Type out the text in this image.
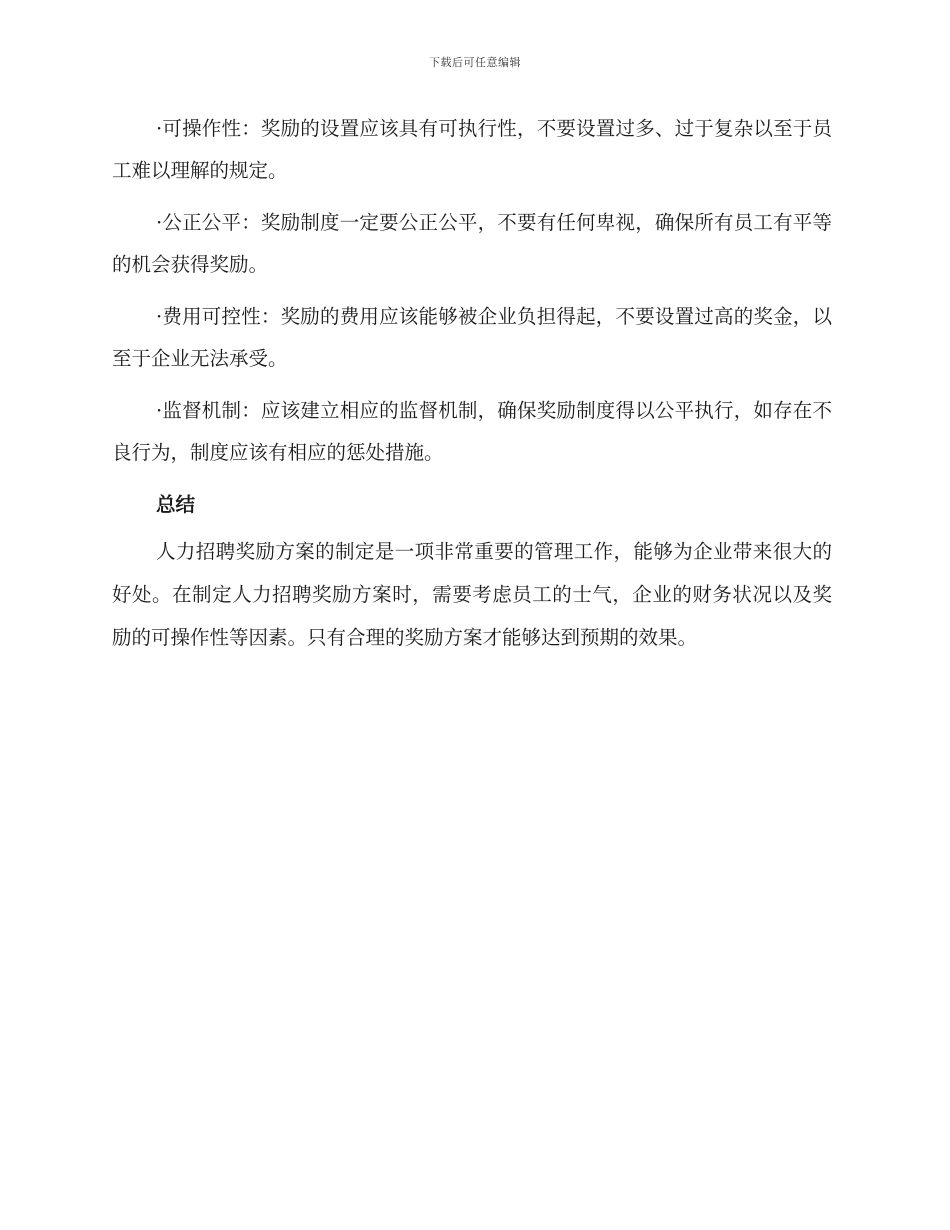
下载后可任意编辑

·可操作性：奖励的设置应该具有可执行性，不要设置过多、过于复杂以至于员工难以理解的规定。

·公正公平：奖励制度一定要公正公平，不要有任何卑视，确保所有员工有平等的机会获得奖励。

·费用可控性：奖励的费用应该能够被企业负担得起，不要设置过高的奖金，以至于企业无法承受。

·监督机制：应该建立相应的监督机制，确保奖励制度得以公平执行，如存在不良行为，制度应该有相应的惩处措施。

总结

人力招聘奖励方案的制定是一项非常重要的管理工作，能够为企业带来很大的好处。在制定人力招聘奖励方案时，需要考虑员工的士气，企业的财务状况以及奖励的可操作性等因素。只有合理的奖励方案才能够达到预期的效果。
